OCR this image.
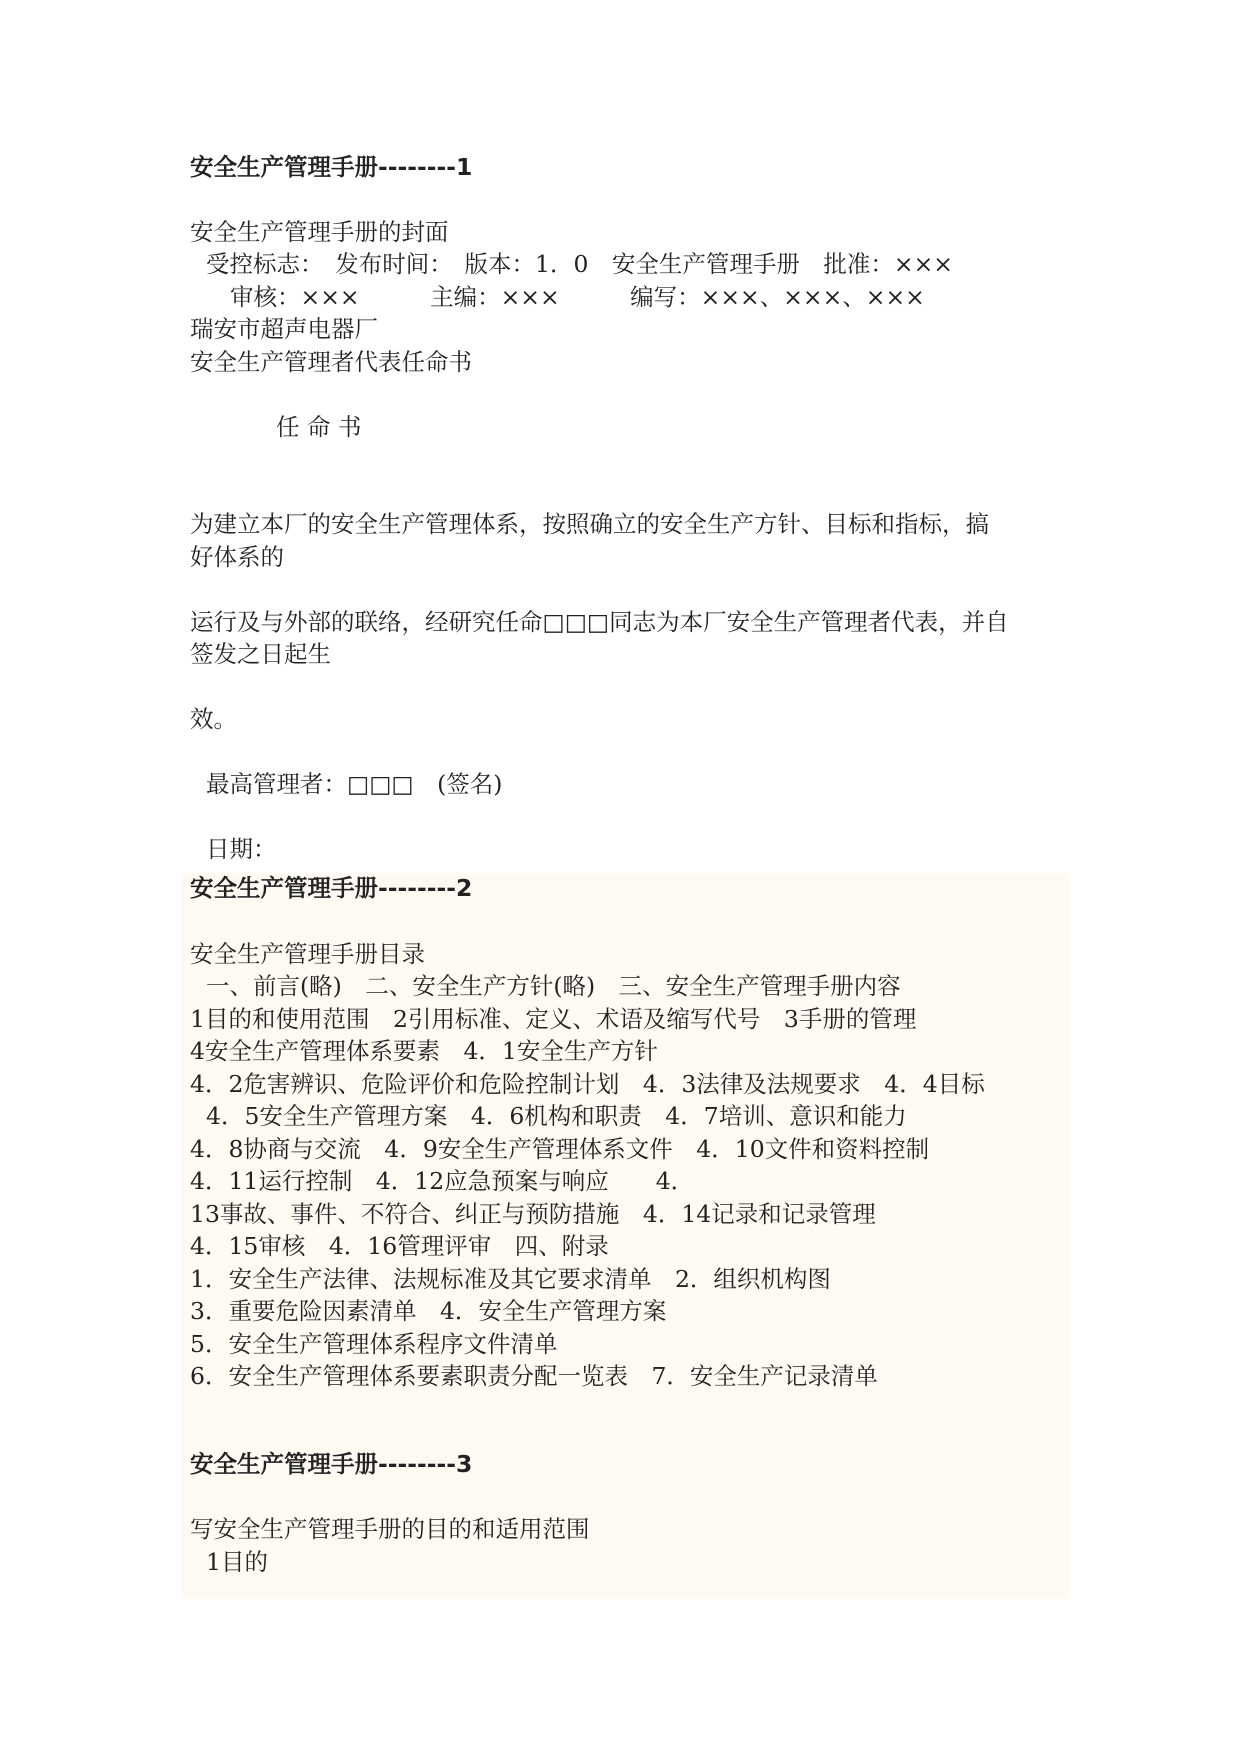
安全生产管理手册--------1
安全生产管理手册的封面
受控标志：　发布时间：　版本：1．0　安全生产管理手册　批准：×××
审核：×××　　　主编：×××　　　编写：×××、×××、×××
瑞安市超声电器厂
安全生产管理者代表任命书
任 命 书
为建立本厂的安全生产管理体系，按照确立的安全生产方针、目标和指标，搞
好体系的
运行及与外部的联络，经研究任命□□□同志为本厂安全生产管理者代表，并自
签发之日起生
效。
最高管理者：□□□　(签名)
日期：
安全生产管理手册--------2
安全生产管理手册目录
一、前言(略)　二、安全生产方针(略)　三、安全生产管理手册内容
1目的和使用范围　2引用标准、定义、术语及缩写代号　3手册的管理
4安全生产管理体系要素　4．1安全生产方针
4．2危害辨识、危险评价和危险控制计划　4．3法律及法规要求　4．4目标
4．5安全生产管理方案　4．6机构和职责　4．7培训、意识和能力
4．8协商与交流　4．9安全生产管理体系文件　4．10文件和资料控制
4．11运行控制　4．12应急预案与响应　　4．
13事故、事件、不符合、纠正与预防措施　4．14记录和记录管理
4．15审核　4．16管理评审　四、附录
1．安全生产法律、法规标准及其它要求清单　2．组织机构图
3．重要危险因素清单　4．安全生产管理方案
5．安全生产管理体系程序文件清单
6．安全生产管理体系要素职责分配一览表　7．安全生产记录清单
安全生产管理手册--------3
写安全生产管理手册的目的和适用范围
1目的
